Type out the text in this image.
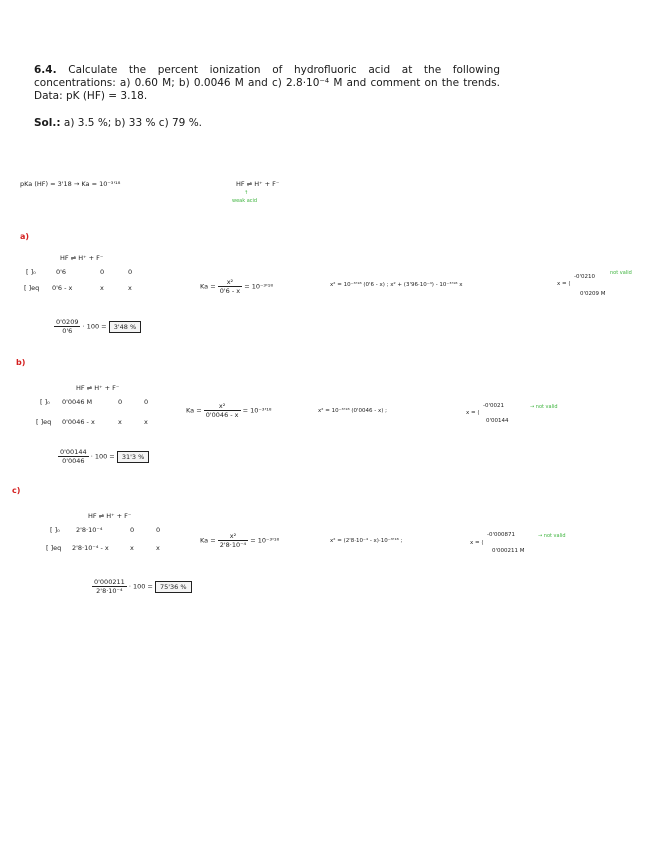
6.4. Calculate the percent ionization of hydrofluoric acid at the following concentrations: a) 0.60 M; b) 0.0046 M and c) 2.8·10⁻⁴ M and comment on the trends. Data: pK (HF) = 3.18.
Sol.: a) 3.5 %; b) 33 % c) 79 %.
pKa (HF) = 3'18 → Ka = 10⁻³'¹⁸	HF ⇌ H⁺ + F⁻
↑
weak acid
a)
HF ⇌ H⁺ + F⁻
[ ]₀	0'6	0	0
[ ]eq 0'6 - x	x	x	$Ka = \frac{\text{x²}}{0'6 - x} = 10^{-3}'^{18}$	x² = 10⁻³'¹⁸ (0'6 - x) ; x² + (3'96·10⁻⁴) - 10⁻³'¹⁸ x	x = ⟨
-0'0210
0'0209 M
not valid
$\frac{0'0209}{0'6} \cdot 100 = 3'48$ %
b)
HF ⇌ H⁺ + F⁻
[ ]₀ 0'0046 M	0	0
[ ]eq 0'0046 - x	x	x
$Ka = \frac{\text{x²}}{0'0046 - x} = 10^{-3}'^{18}$	x² = 10⁻³'¹⁸ (0'0046 - x) ;	x = ⟨
-0'0021
0'00144
→ not valid
$\frac{0'00144}{0'0046} \cdot 100 = 31'3$ %
c)
HF ⇌ H⁺ + F⁻
[ ]₀	2'8·10⁻⁴	0	0
[ ]eq 2'8·10⁻⁴ - x	x	x
$Ka = \frac{\text{x²}}{\text{2'8·10⁻⁴}} = 10^{-3}'^{18}$	x² = (2'8·10⁻⁴ - x)·10⁻³'¹⁸ ;	x = ⟨
-0'000871
0'000211 M
→ not valid
$\frac{0'000211}{\text{2'8·10⁻⁴}} \cdot 100 = 75'36$ %
